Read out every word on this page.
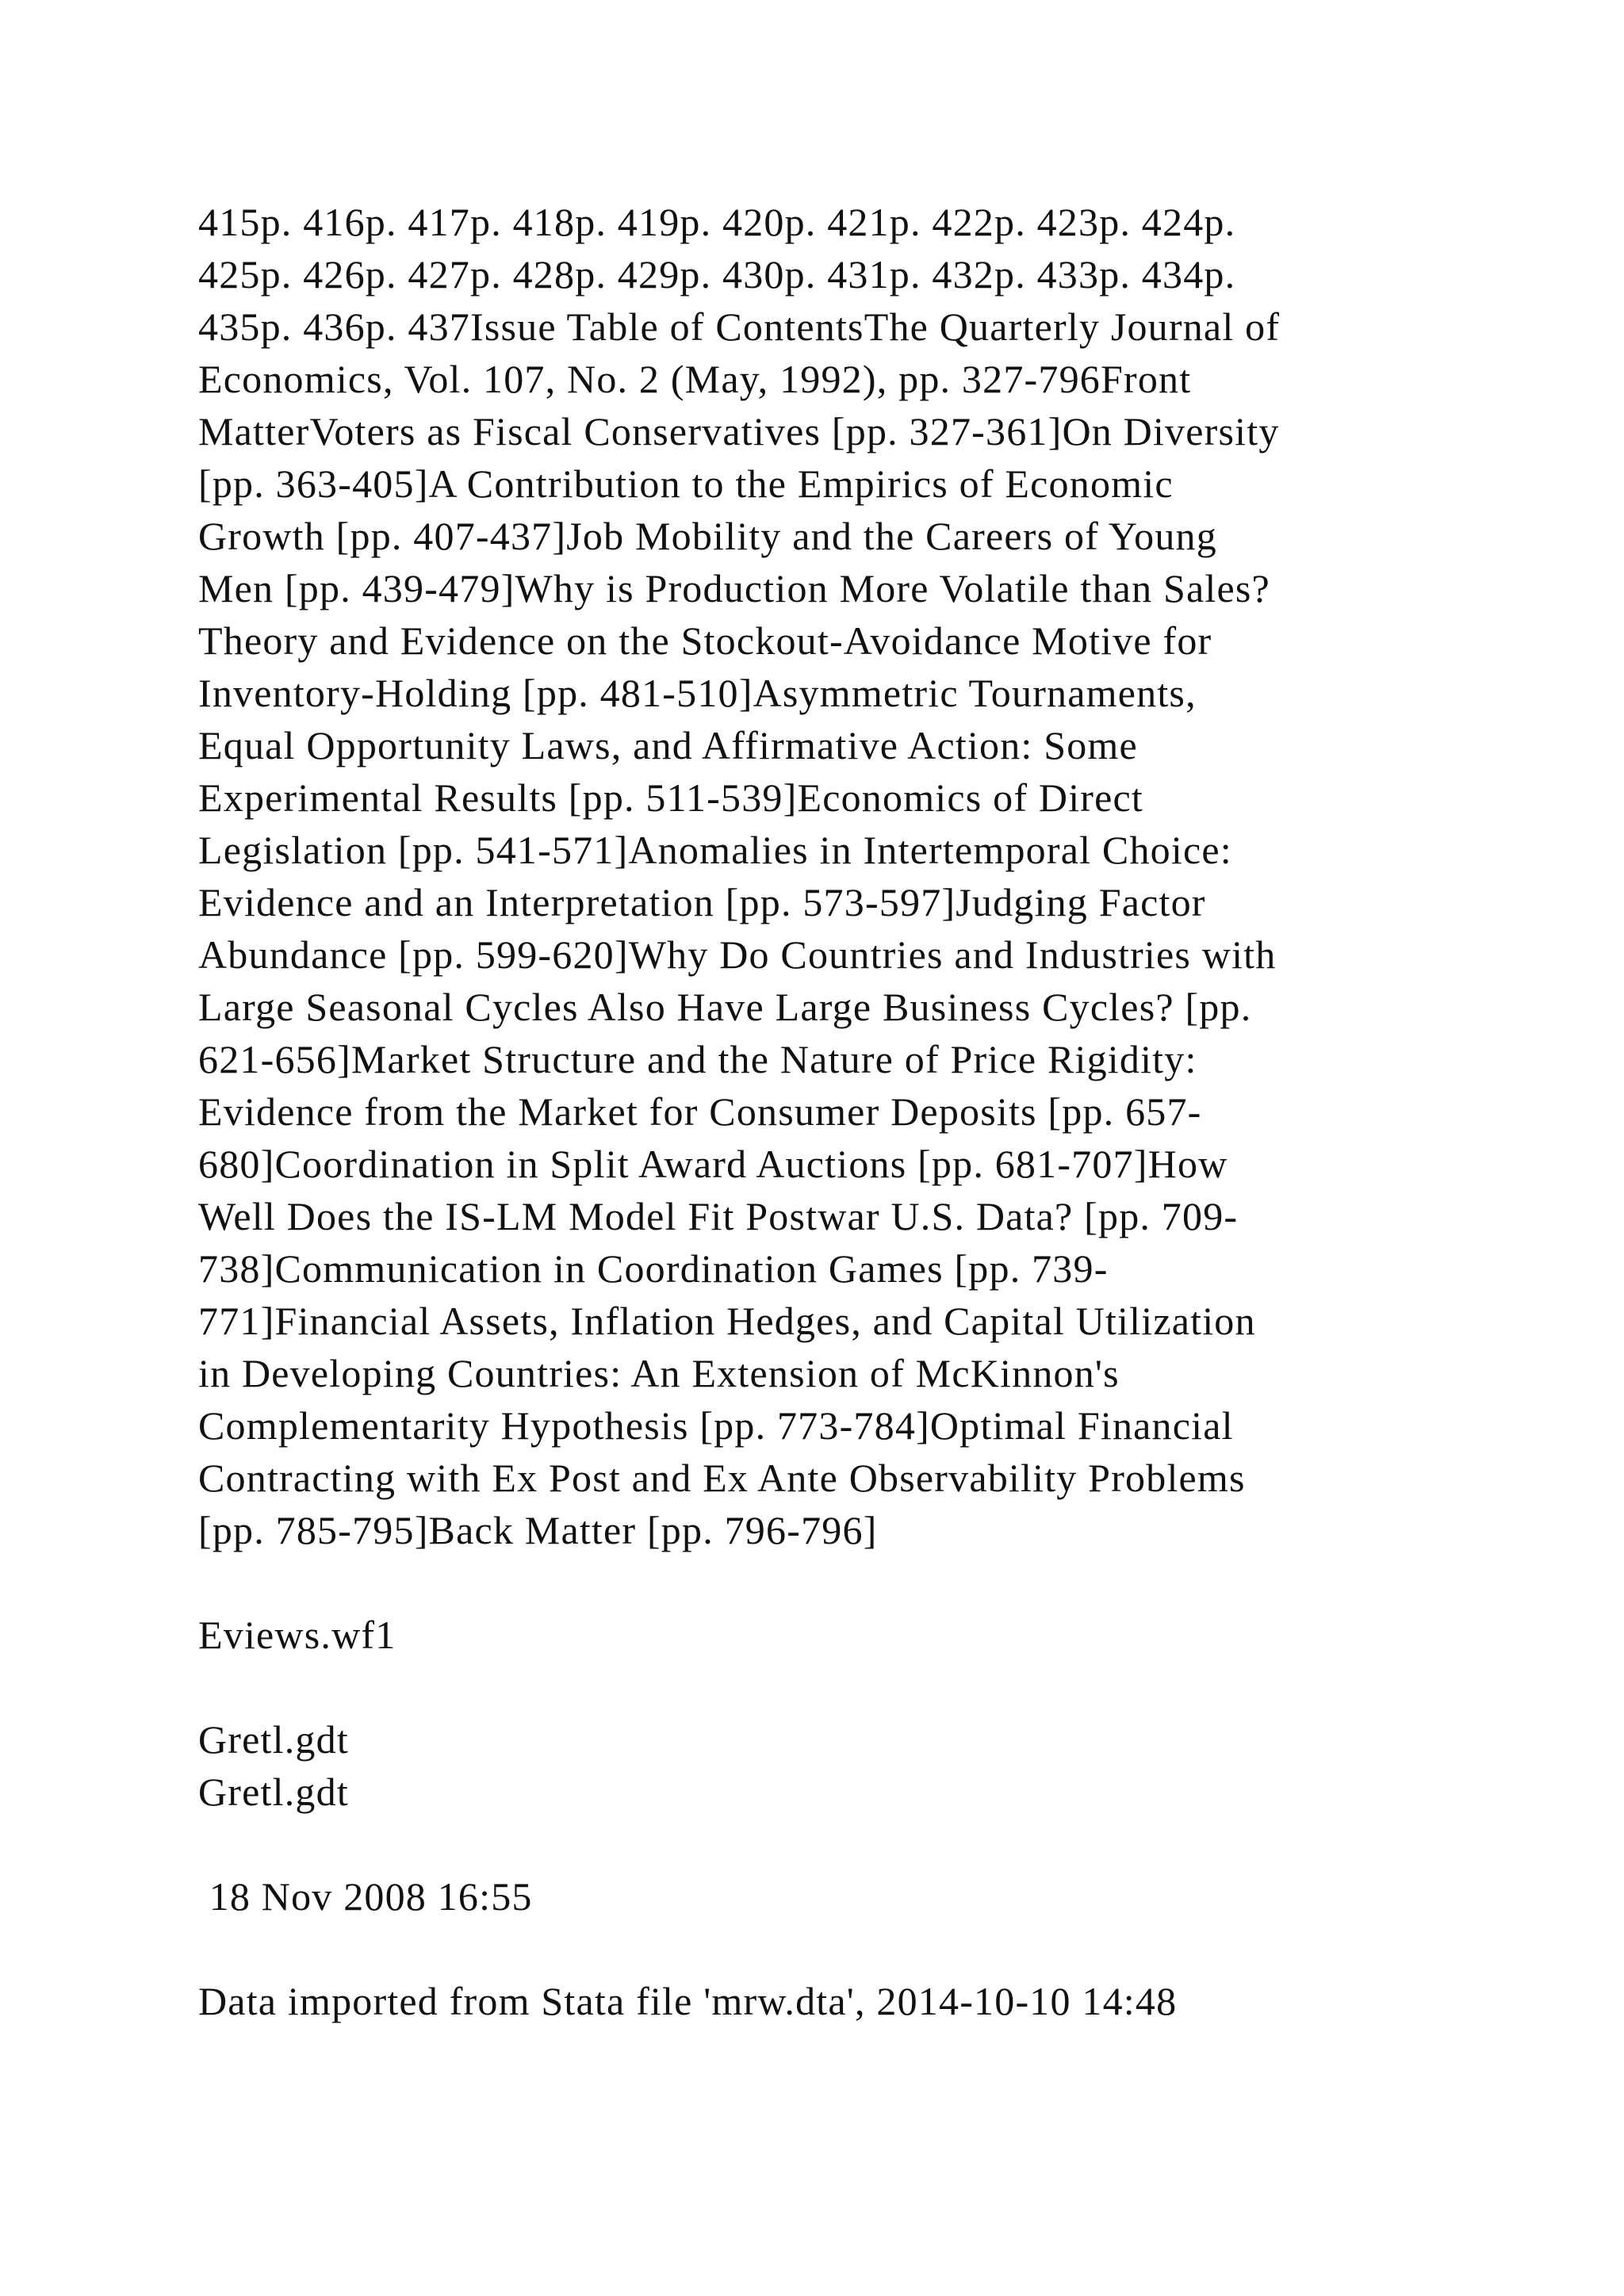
415p. 416p. 417p. 418p. 419p. 420p. 421p. 422p. 423p. 424p.
425p. 426p. 427p. 428p. 429p. 430p. 431p. 432p. 433p. 434p.
435p. 436p. 437Issue Table of ContentsThe Quarterly Journal of
Economics, Vol. 107, No. 2 (May, 1992), pp. 327-796Front
MatterVoters as Fiscal Conservatives [pp. 327-361]On Diversity
[pp. 363-405]A Contribution to the Empirics of Economic
Growth [pp. 407-437]Job Mobility and the Careers of Young
Men [pp. 439-479]Why is Production More Volatile than Sales?
Theory and Evidence on the Stockout-Avoidance Motive for
Inventory-Holding [pp. 481-510]Asymmetric Tournaments,
Equal Opportunity Laws, and Affirmative Action: Some
Experimental Results [pp. 511-539]Economics of Direct
Legislation [pp. 541-571]Anomalies in Intertemporal Choice:
Evidence and an Interpretation [pp. 573-597]Judging Factor
Abundance [pp. 599-620]Why Do Countries and Industries with
Large Seasonal Cycles Also Have Large Business Cycles? [pp.
621-656]Market Structure and the Nature of Price Rigidity:
Evidence from the Market for Consumer Deposits [pp. 657-
680]Coordination in Split Award Auctions [pp. 681-707]How
Well Does the IS-LM Model Fit Postwar U.S. Data? [pp. 709-
738]Communication in Coordination Games [pp. 739-
771]Financial Assets, Inflation Hedges, and Capital Utilization
in Developing Countries: An Extension of McKinnon's
Complementarity Hypothesis [pp. 773-784]Optimal Financial
Contracting with Ex Post and Ex Ante Observability Problems
[pp. 785-795]Back Matter [pp. 796-796]
Eviews.wf1
Gretl.gdt
Gretl.gdt
18 Nov 2008 16:55
Data imported from Stata file 'mrw.dta', 2014-10-10 14:48
